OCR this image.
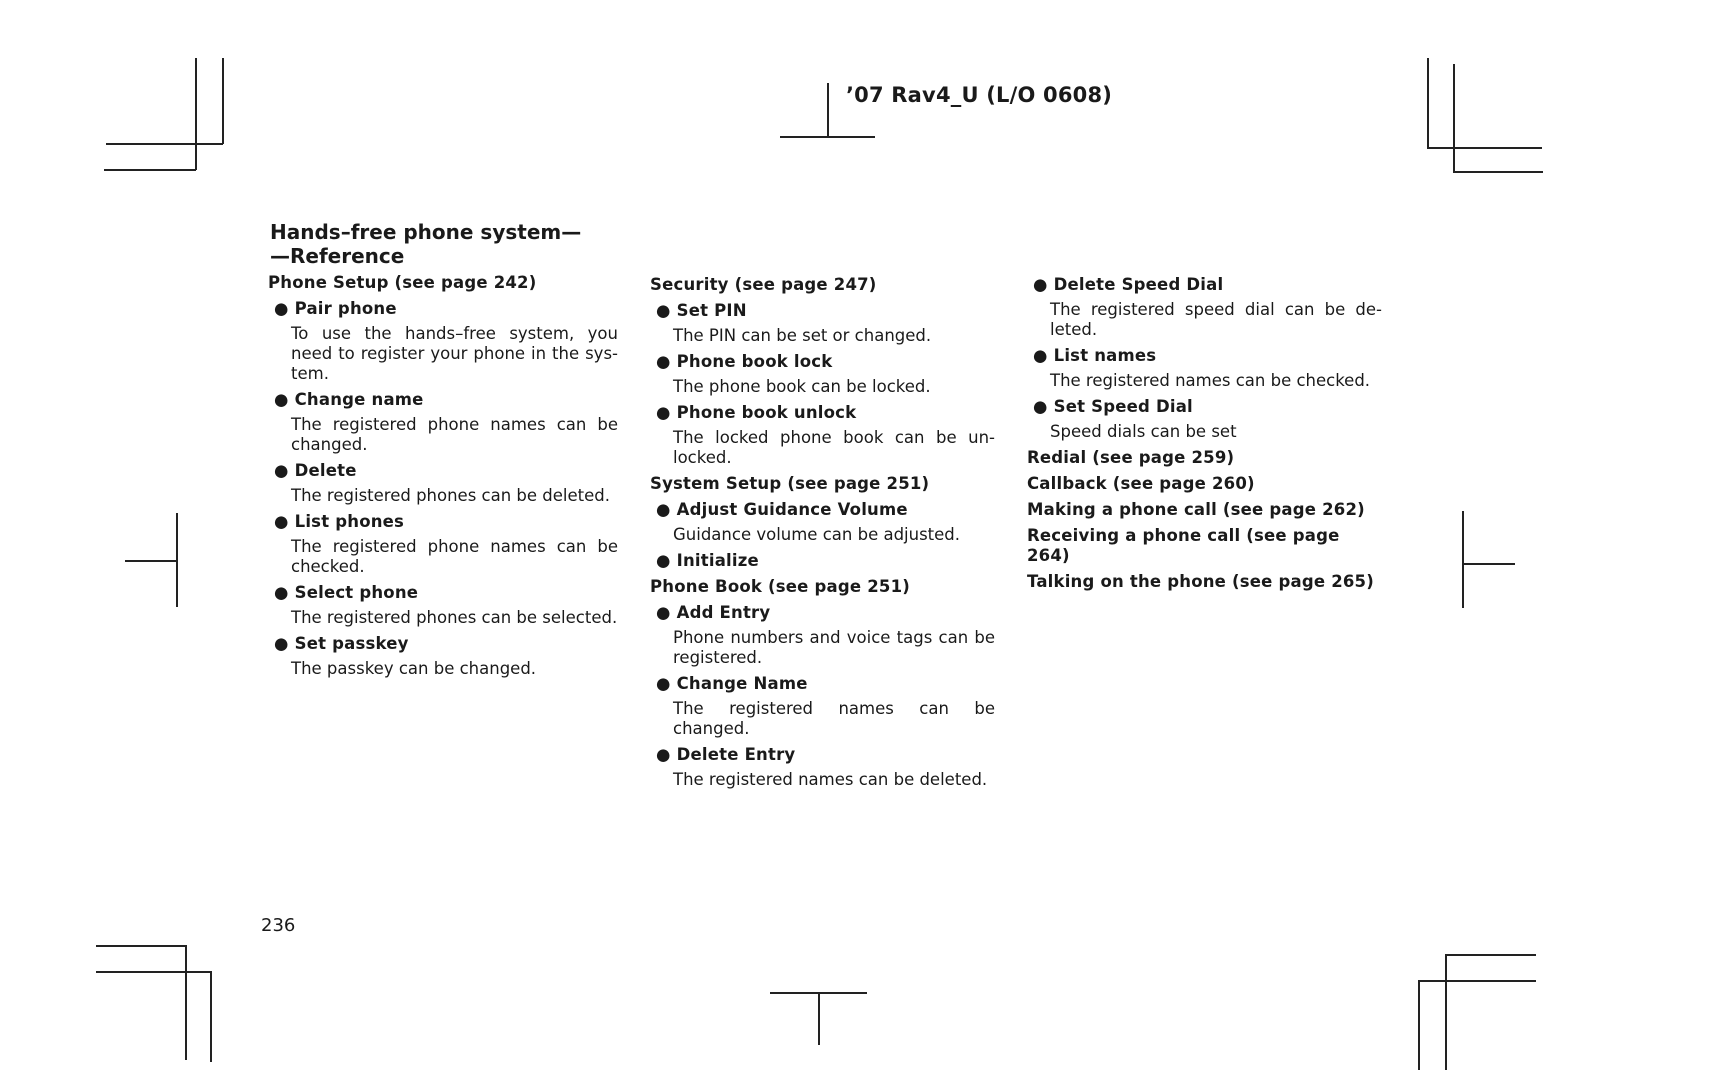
’07 Rav4_U (L/O 0608)
Hands–free phone system—
—Reference
Phone Setup (see page 242)
● Pair phone
To use the hands–free system, you need to register your phone in the sys- tem.
● Change name
The registered phone names can be changed.
● Delete
The registered phones can be deleted.
● List phones
The registered phone names can be checked.
● Select phone
The registered phones can be selected.
● Set passkey
The passkey can be changed.
Security (see page 247)
● Set PIN
The PIN can be set or changed.
● Phone book lock
The phone book can be locked.
● Phone book unlock
The locked phone book can be un- locked.
System Setup (see page 251)
● Adjust Guidance Volume
Guidance volume can be adjusted.
● Initialize
Phone Book (see page 251)
● Add Entry
Phone numbers and voice tags can be registered.
● Change Name
The registered names can be changed.
● Delete Entry
The registered names can be deleted.
● Delete Speed Dial
The registered speed dial can be de- leted.
● List names
The registered names can be checked.
● Set Speed Dial
Speed dials can be set
Redial (see page 259)
Callback (see page 260)
Making a phone call (see page 262)
Receiving a phone call (see page 264)
Talking on the phone (see page 265)
236
